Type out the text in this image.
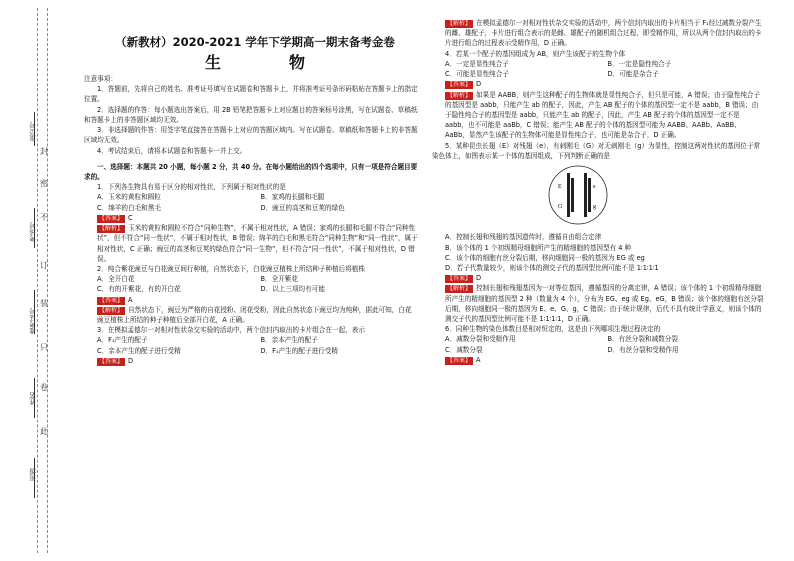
封
密
不
订
装
只
卷
此
座位号
考场号
准考证号
姓名
班级
（新教材）2020-2021 学年下学期高一期末备考金卷
生　物

注意事项：

1．答题前，先将自己的姓名、准考证号填写在试题卷和答题卡上，并将准考证号条形码粘贴在答题卡上的指定位置。

2．选择题的作答：每小题选出答案后，用 2B 铅笔把答题卡上对应题目的答案标号涂黑，写在试题卷、草稿纸和答题卡上的非答题区域均无效。

3．非选择题的作答：用签字笔直接答在答题卡上对应的答题区域内。写在试题卷、草稿纸和答题卡上的非答题区域均无效。

4．考试结束后，请将本试题卷和答题卡一并上交。

一、选择题：本题共 20 小题，每小题 2 分，共 40 分。在每小题给出的四个选项中，只有一项是符合题目要求的。

1．下列各生物具有易于区分的相对性状，下列属于相对性状的是

A．玉米的黄粒和圆粒	B．家鸡的长腿和毛腿
C．绵羊的白毛和黑毛	D．豌豆的高茎和豆荚的绿色

【答案】 C

【解析】 玉米的黄粒和圆粒不符合“同种生物”，不属于相对性状，A 错误；家鸡的长腿和毛腿不符合“同种性状”，但不符合“同一性状”，不属于相对性状，B 错误；绵羊的白毛和黑毛符合“同种生物”和“同一性状”，属于相对性状，C 正确；豌豆的高茎和豆荚的绿色符合“同一生物”，但不符合“同一性状”，不属于相对性状，D 错误。

2．纯合紫花豌豆与白花豌豆间行种植，自然状态下，白花豌豆植株上所结种子种植后将植株

A．全开白花	B．全开紫花
C．有的开紫花，有的开白花	D．以上三项均有可能

【答案】 A

【解析】 自然状态下，豌豆为严格的自花授粉、闭花受粉，因此自然状态下豌豆均为纯种，据此可知，白花豌豆植株上所结的种子种植后全部开白花，A 正确。

3．在模拟孟德尔一对相对性状杂交实验的活动中，两个信封内取出的卡片组合在一起，表示

A．F₁产生的配子	B．亲本产生的配子
C．亲本产生的配子进行受精	D．F₁产生的配子进行受精

【答案】 D

【解析】 在模拟孟德尔一对相对性状杂交实验的活动中，两个信封内取出的卡片相当于 F₁经过减数分裂产生的雌、雄配子，卡片进行组合表示的是雌、雄配子的随机组合过程，即受精作用，所以从两个信封内取出的卡片进行组合的过程表示受精作用，D 正确。

4．若某一个配子的基因组成为 AB，则产生该配子的生物个体

A．一定是显性纯合子	B．一定是隐性纯合子
C．可能是显性纯合子	D．可能是杂合子

【答案】 D

【解析】 如果是 AABB，则产生这种配子的生物体就是显性纯合子，但只是可能，A 错误；由于隐性纯合子的基因型是 aabb，只能产生 ab 的配子，因此，产生 AB 配子的个体的基因型一定不是 aabb，B 错误；由于隐性纯合子的基因型是 aabb，只能产生 ab 的配子，因此，产生 AB 配子的个体的基因型一定不是 aabb，也不可能是 aaBb，C 错误；能产生 AB 配子的个体的基因型可能为 AABB、AABb、AaBB、AaBb，显然产生该配子的生物体可能是显性纯合子，也可能是杂合子，D 正确。

5．某种昆虫长翅（E）对残翅（e），有刺刚毛（G）对无刺刚毛（g）为显性，控制这两对性状的基因位于常染色体上，如图表示某一个体的基因组成，下列判断正确的是

E
G
e
g

A．控制长翅和残翅的基因遗传时，遵循自由组合定律

B．该个体的 1 个初级精母细胞所产生的精细胞的基因型有 4 种

C．该个体的细胞有丝分裂后期，移向细胞同一极的基因为 EG 或 eg

D．若子代数量较少，则该个体的测交子代的基因型比例可能不是 1∶1∶1∶1

【答案】 D

【解析】 控制长翅和残翅基因为一对等位基因，遵循基因的分离定律，A 错误；该个体的 1 个初级精母细胞所产生的精细胞的基因型 2 种（数量为 4 个），分布为 EG、eg 或 Eg、eG，B 错误；该个体的细胞有丝分裂后期，移向细胞同一极的基因为 E、e、G、g，C 错误；由于统计规律，后代不具有统计学意义，则该个体的测交子代的基因型比例可能不是 1∶1∶1∶1，D 正确。

6．同种生物的染色体数目是相对恒定的，这是由下列哪项生理过程决定的

A．减数分裂和受精作用	B．有丝分裂和减数分裂
C．减数分裂	D．有丝分裂和受精作用

【答案】 A
